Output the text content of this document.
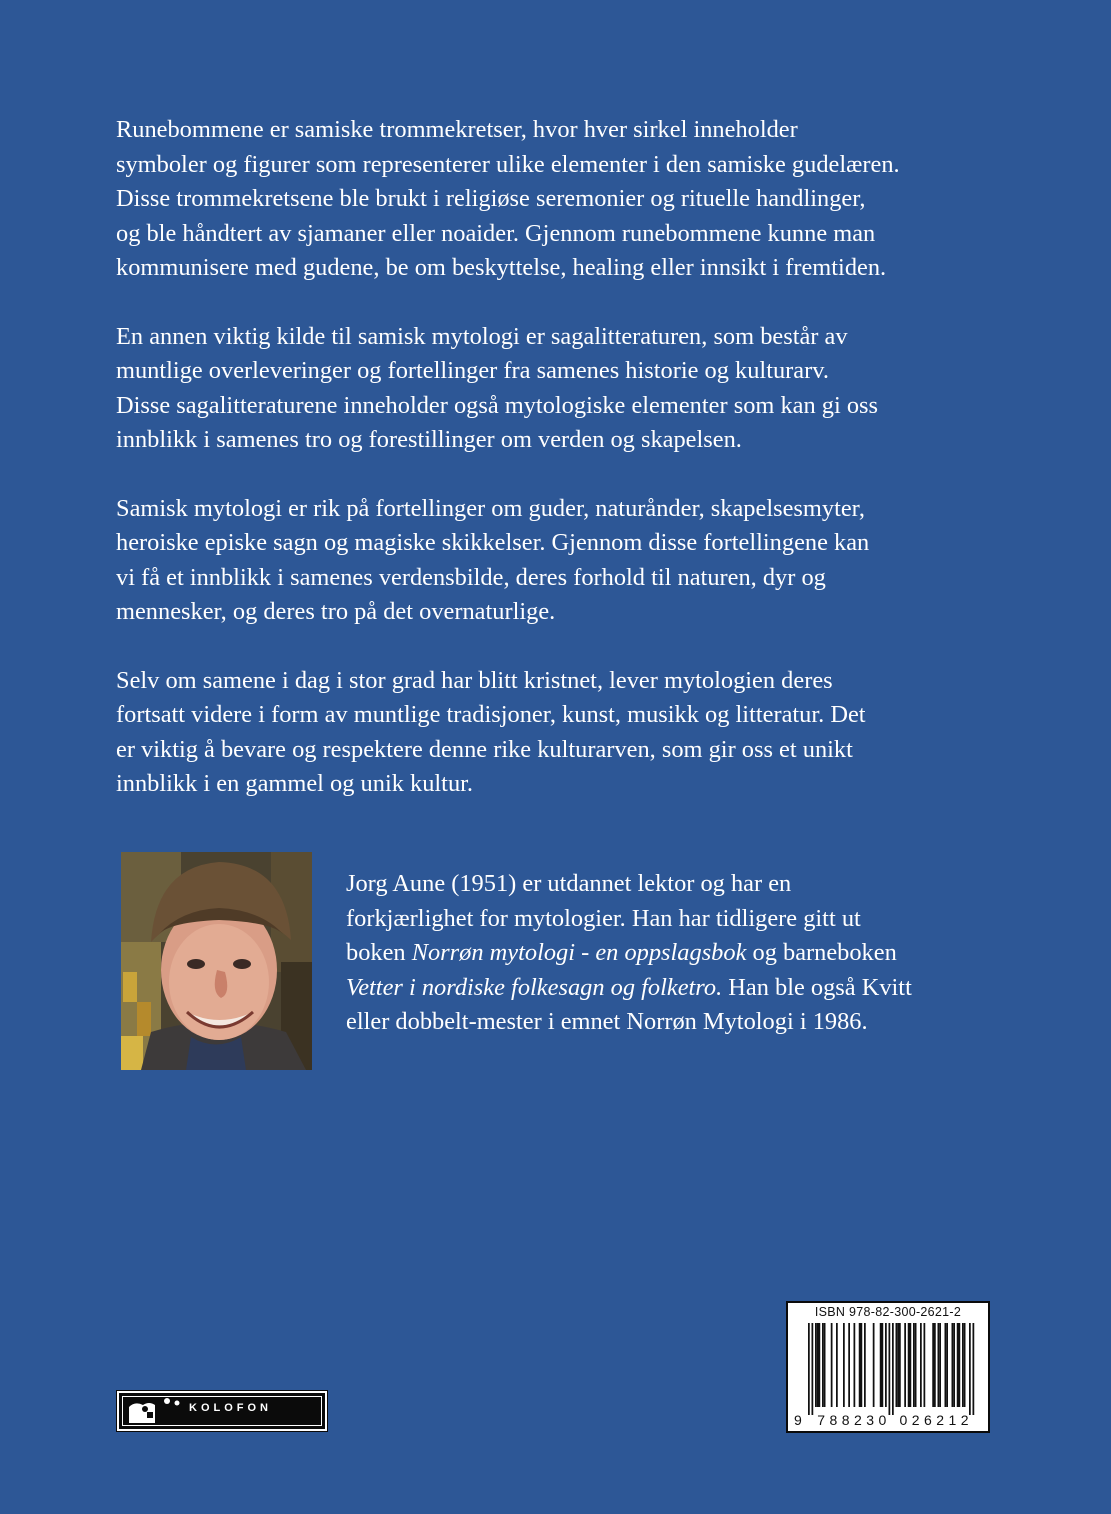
Runebommene er samiske trommekretser, hvor hver sirkel inneholder
symboler og figurer som representerer ulike elementer i den samiske gudelæren.
Disse trommekretsene ble brukt i religiøse seremonier og rituelle handlinger,
og ble håndtert av sjamaner eller noaider. Gjennom runebommene kunne man
kommunisere med gudene, be om beskyttelse, healing eller innsikt i fremtiden.

En annen viktig kilde til samisk mytologi er sagalitteraturen, som består av
muntlige overleveringer og fortellinger fra samenes historie og kulturarv.
Disse sagalitteraturene inneholder også mytologiske elementer som kan gi oss
innblikk i samenes tro og forestillinger om verden og skapelsen.

Samisk mytologi er rik på fortellinger om guder, naturånder, skapelsesmyter,
heroiske episke sagn og magiske skikkelser. Gjennom disse fortellingene kan
vi få et innblikk i samenes verdensbilde, deres forhold til naturen, dyr og
mennesker, og deres tro på det overnaturlige.

Selv om samene i dag i stor grad har blitt kristnet, lever mytologien deres
fortsatt videre i form av muntlige tradisjoner, kunst, musikk og litteratur. Det
er viktig å bevare og respektere denne rike kulturarven, som gir oss et unikt
innblikk i en gammel og unik kultur.

Jorg Aune (1951) er utdannet lektor og har en

forkjærlighet for mytologier. Han har tidligere gitt ut

boken Norrøn mytologi - en oppslagsbok og barneboken

Vetter i nordiske folkesagn og folketro. Han ble også Kvitt

eller dobbelt-mester i emnet Norrøn Mytologi i 1986.

KOLOFON
ISBN 978-82-300-2621-2
9 7 8 8 2 3 0 0 2 6 2 1 2
